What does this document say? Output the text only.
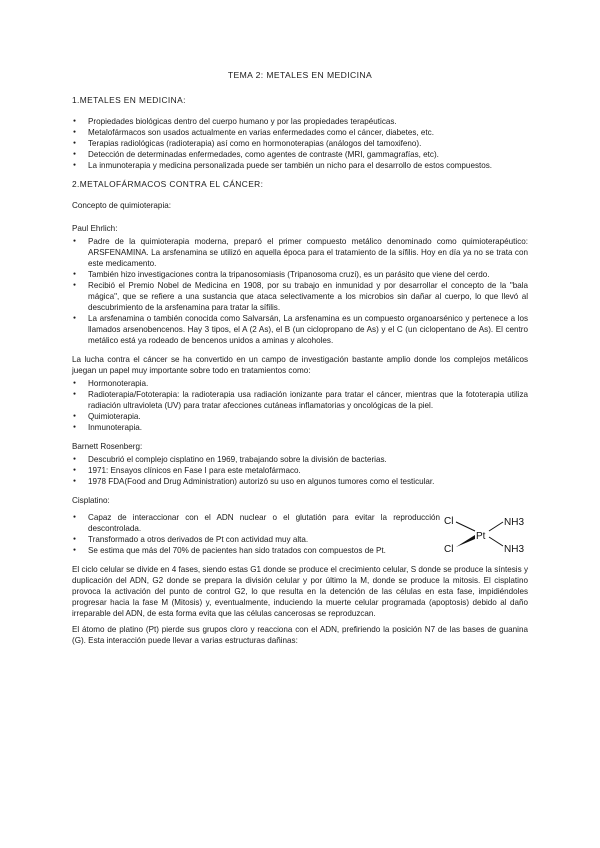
TEMA 2: METALES EN MEDICINA
1.METALES EN MEDICINA:
● Propiedades biológicas dentro del cuerpo humano y por las propiedades terapéuticas.
● Metalofármacos son usados actualmente en varias enfermedades como el cáncer, diabetes, etc.
● Terapias radiológicas (radioterapia) así como en hormonoterapias (análogos del tamoxifeno).
● Detección de determinadas enfermedades, como agentes de contraste (MRI, gammagrafías, etc).
● La inmunoterapia y medicina personalizada puede ser también un nicho para el desarrollo de estos compuestos.
2.METALOFÁRMACOS CONTRA EL CÁNCER:

Concepto de quimioterapia:

Paul Ehrlich:

● Padre de la quimioterapia moderna, preparó el primer compuesto metálico denominado como quimioterapéutico: ARSFENAMINA. La arsfenamina se utilizó en aquella época para el tratamiento de la sífilis. Hoy en día ya no se trata con este medicamento.
● También hizo investigaciones contra la tripanosomiasis (Tripanosoma cruzi), es un parásito que viene del cerdo.
● Recibió el Premio Nobel de Medicina en 1908, por su trabajo en inmunidad y por desarrollar el concepto de la "bala mágica", que se refiere a una sustancia que ataca selectivamente a los microbios sin dañar al cuerpo, lo que llevó al descubrimiento de la arsfenamina para tratar la sífilis.
● La arsfenamina o también conocida como Salvarsán, La arsfenamina es un compuesto organoarsénico y pertenece a los llamados arsenobencenos. Hay 3 tipos, el A (2 As), el B (un ciclopropano de As) y el C (un ciclopentano de As). El centro metálico está ya rodeado de bencenos unidos a aminas y alcoholes.

La lucha contra el cáncer se ha convertido en un campo de investigación bastante amplio donde los complejos metálicos juegan un papel muy importante sobre todo en tratamientos como:

● Hormonoterapia.
● Radioterapia/Fototerapia: la radioterapia usa radiación ionizante para tratar el cáncer, mientras que la fototerapia utiliza radiación ultravioleta (UV) para tratar afecciones cutáneas inflamatorias y oncológicas de la piel.
● Quimioterapia.
● Inmunoterapia.

Barnett Rosenberg:

● Descubrió el complejo cisplatino en 1969, trabajando sobre la división de bacterias.
● 1971: Ensayos clínicos en Fase I para este metalofármaco.
● 1978 FDA(Food and Drug Administration) autorizó su uso en algunos tumores como el testicular.

Cisplatino:

● Capaz de interaccionar con el ADN nuclear o el glutatión para evitar la reproducción descontrolada.
● Transformado a otros derivados de Pt con actividad muy alta.
● Se estima que más del 70% de pacientes han sido tratados con compuestos de Pt.
Cl
Cl
Pt
NH3
NH3

El ciclo celular se divide en 4 fases, siendo estas G1 donde se produce el crecimiento celular, S donde se produce la síntesis y duplicación del ADN, G2 donde se prepara la división celular y por último la M, donde se produce la mitosis. El cisplatino provoca la activación del punto de control G2, lo que resulta en la detención de las células en esta fase, impidiéndoles progresar hacia la fase M (Mitosis) y, eventualmente, induciendo la muerte celular programada (apoptosis) debido al daño irreparable del ADN, de esta forma evita que las células cancerosas se reproduzcan.

El átomo de platino (Pt) pierde sus grupos cloro y reacciona con el ADN, prefiriendo la posición N7 de las bases de guanina (G). Esta interacción puede llevar a varias estructuras dañinas:
